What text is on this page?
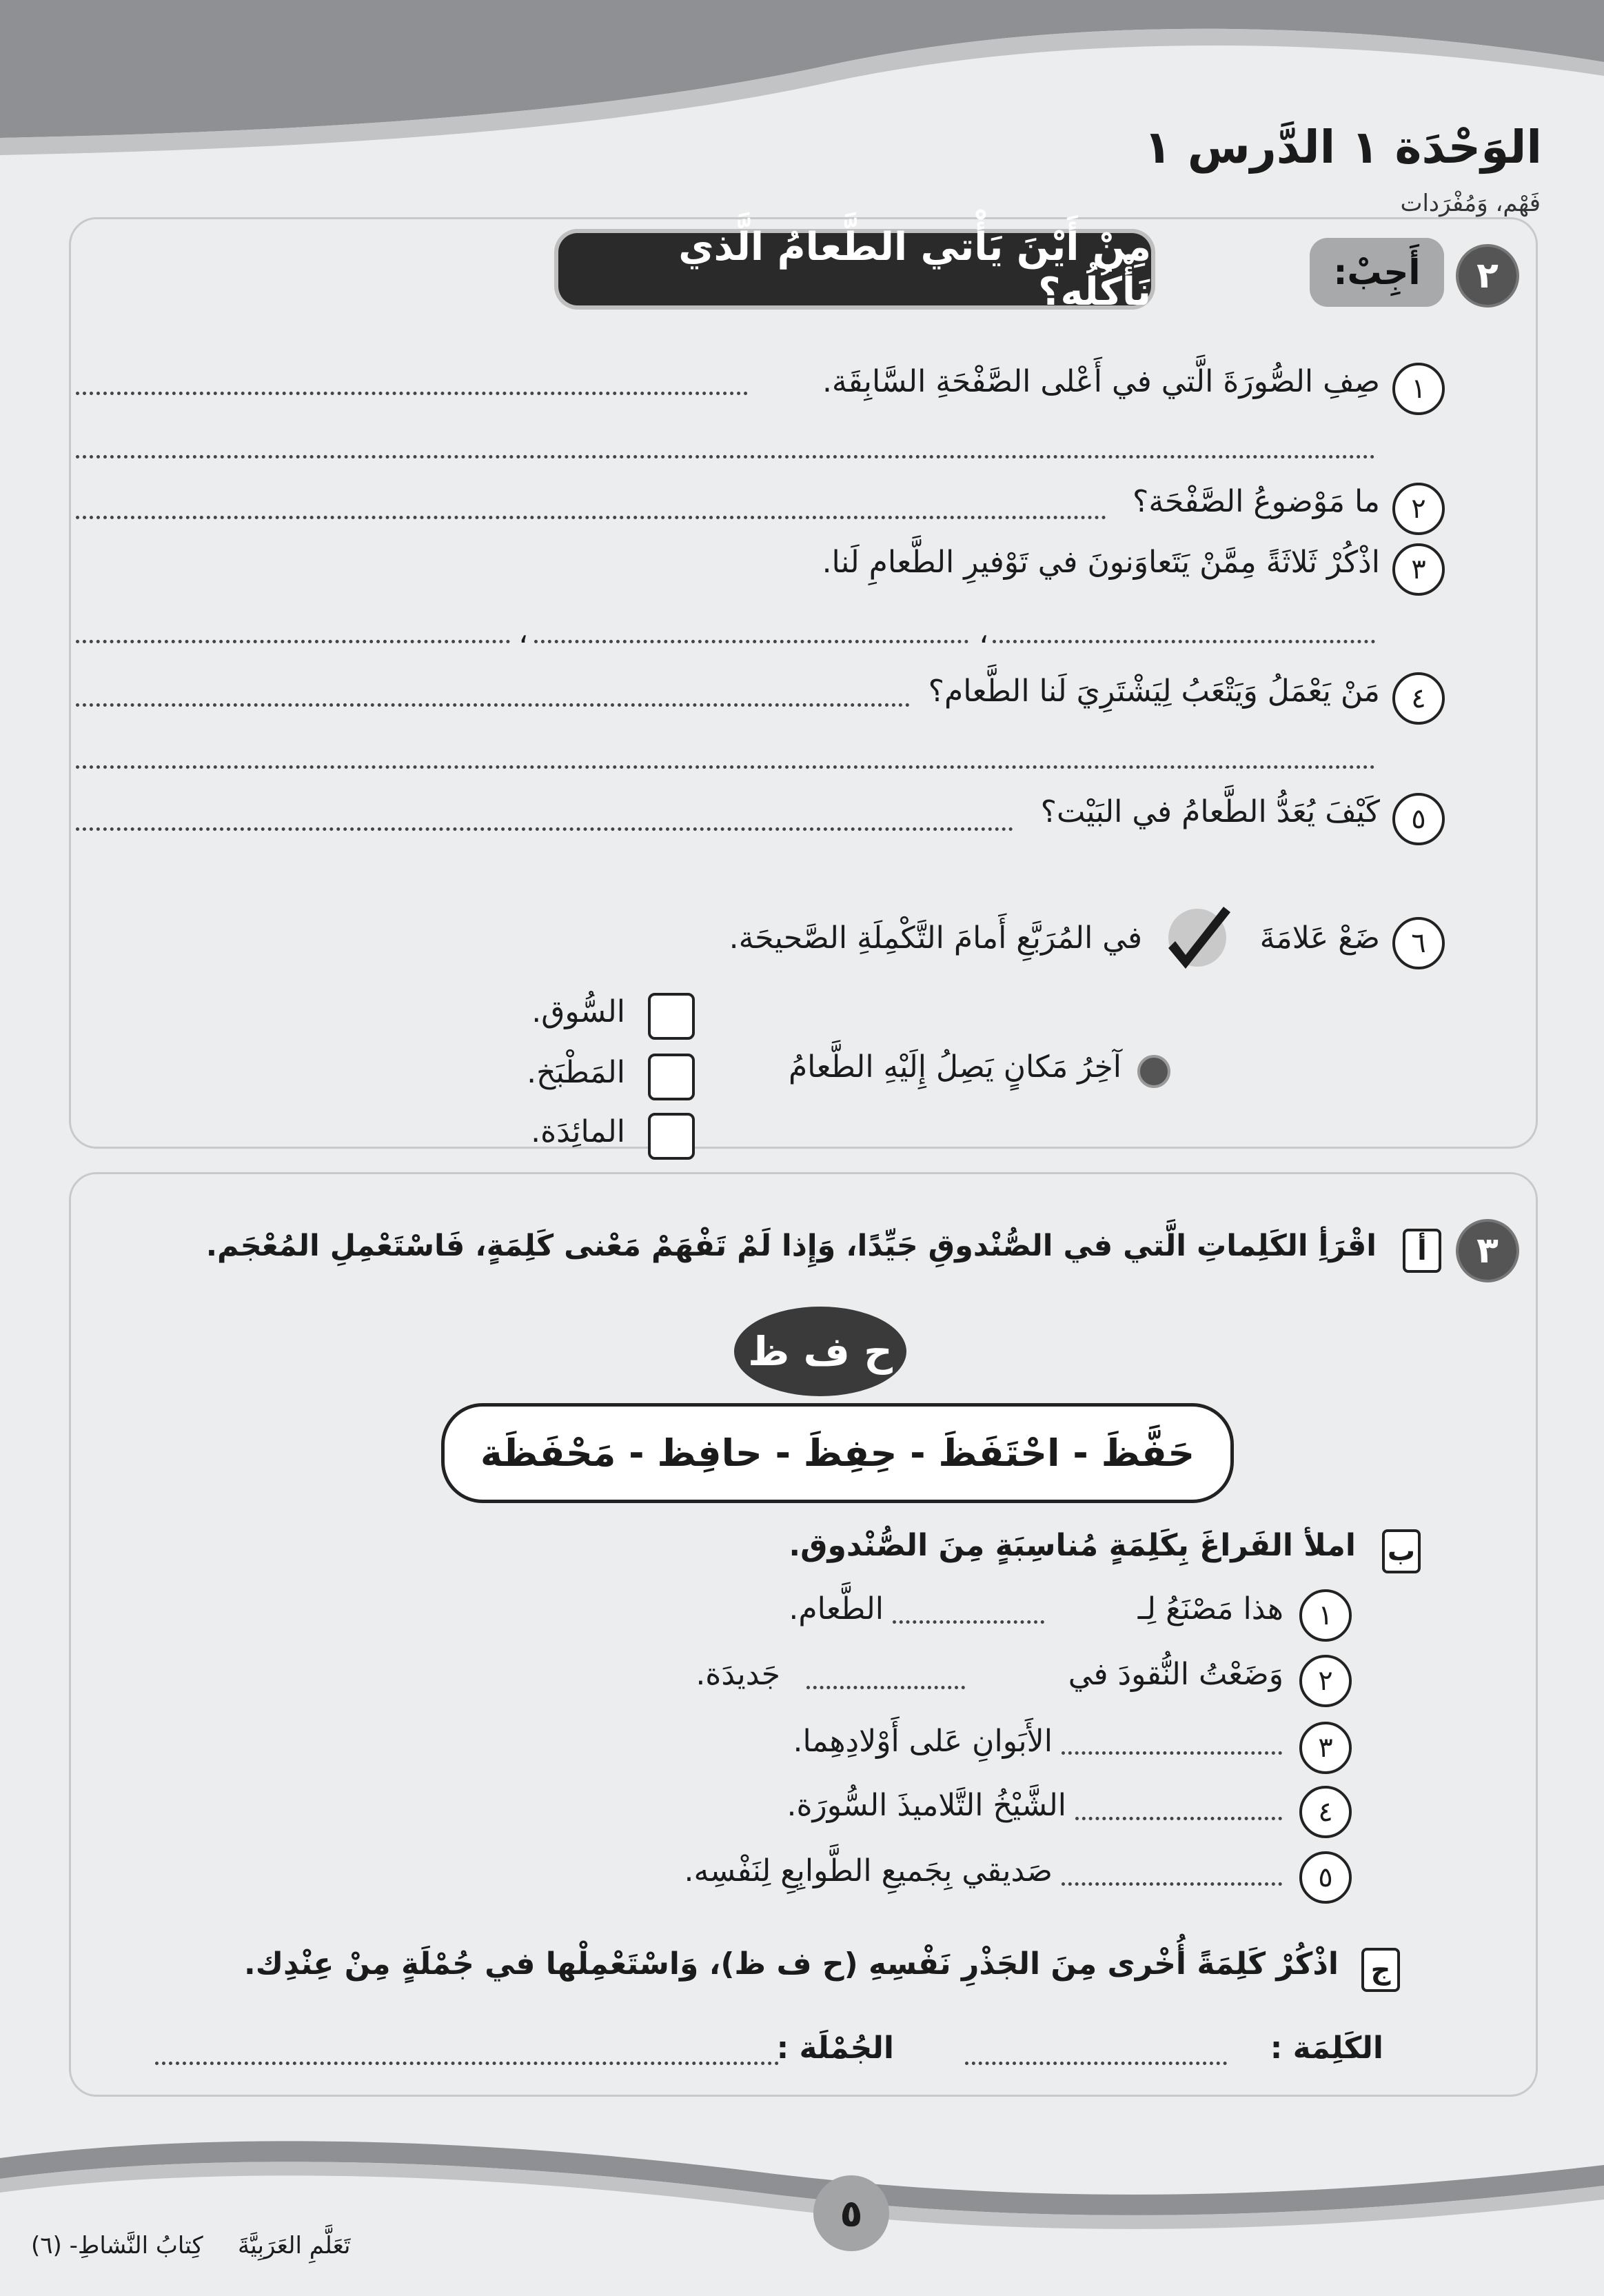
الوَحْدَة ١ الدَّرس ١
فَهْم، وَمُفْرَدات
٢
أَجِبْ:
مِنْ أَيْنَ يَأْتي الطَّعامُ الَّذي نَأْكُلُه؟
١
صِفِ الصُّورَةَ الَّتي في أَعْلى الصَّفْحَةِ السَّابِقَة.
٢
ما مَوْضوعُ الصَّفْحَة؟
٣
اذْكُرْ ثَلاثَةً مِمَّنْ يَتَعاوَنونَ في تَوْفيرِ الطَّعامِ لَنا.
،
،
٤
مَنْ يَعْمَلُ وَيَتْعَبُ لِيَشْتَرِيَ لَنا الطَّعام؟
٥
كَيْفَ يُعَدُّ الطَّعامُ في البَيْت؟
٦
ضَعْ عَلامَةَ
في المُرَبَّعِ أَمامَ التَّكْمِلَةِ الصَّحيحَة.
آخِرُ مَكانٍ يَصِلُ إِلَيْهِ الطَّعامُ
السُّوق.
المَطْبَخ.
المائِدَة.
٣
أ
اقْرَأِ الكَلِماتِ الَّتي في الصُّنْدوقِ جَيِّدًا، وَإِذا لَمْ تَفْهَمْ مَعْنى كَلِمَةٍ، فَاسْتَعْمِلِ المُعْجَم.
ح ف ظ
حَفَّظَ - احْتَفَظَ - حِفِظَ - حافِظ - مَحْفَظَة
ب
املأ الفَراغَ بِكَلِمَةٍ مُناسِبَةٍ مِنَ الصُّنْدوق.
١
هذا مَصْنَعُ لِـ
الطَّعام.
٢
وَضَعْتُ النُّقودَ في
جَديدَة.
٣
الأَبَوانِ عَلى أَوْلادِهِما.
٤
الشَّيْخُ التَّلاميذَ السُّورَة.
٥
صَديقي بِجَميعِ الطَّوابِعِ لِنَفْسِه.
ج
اذْكُرْ كَلِمَةً أُخْرى مِنَ الجَذْرِ نَفْسِهِ (ح ف ظ)، وَاسْتَعْمِلْها في جُمْلَةٍ مِنْ عِنْدِك.
الكَلِمَة :
الجُمْلَة :
٥
كِتابُ النَّشاطِ- (٦) تَعَلَّمِ العَرَبِيَّةَ
